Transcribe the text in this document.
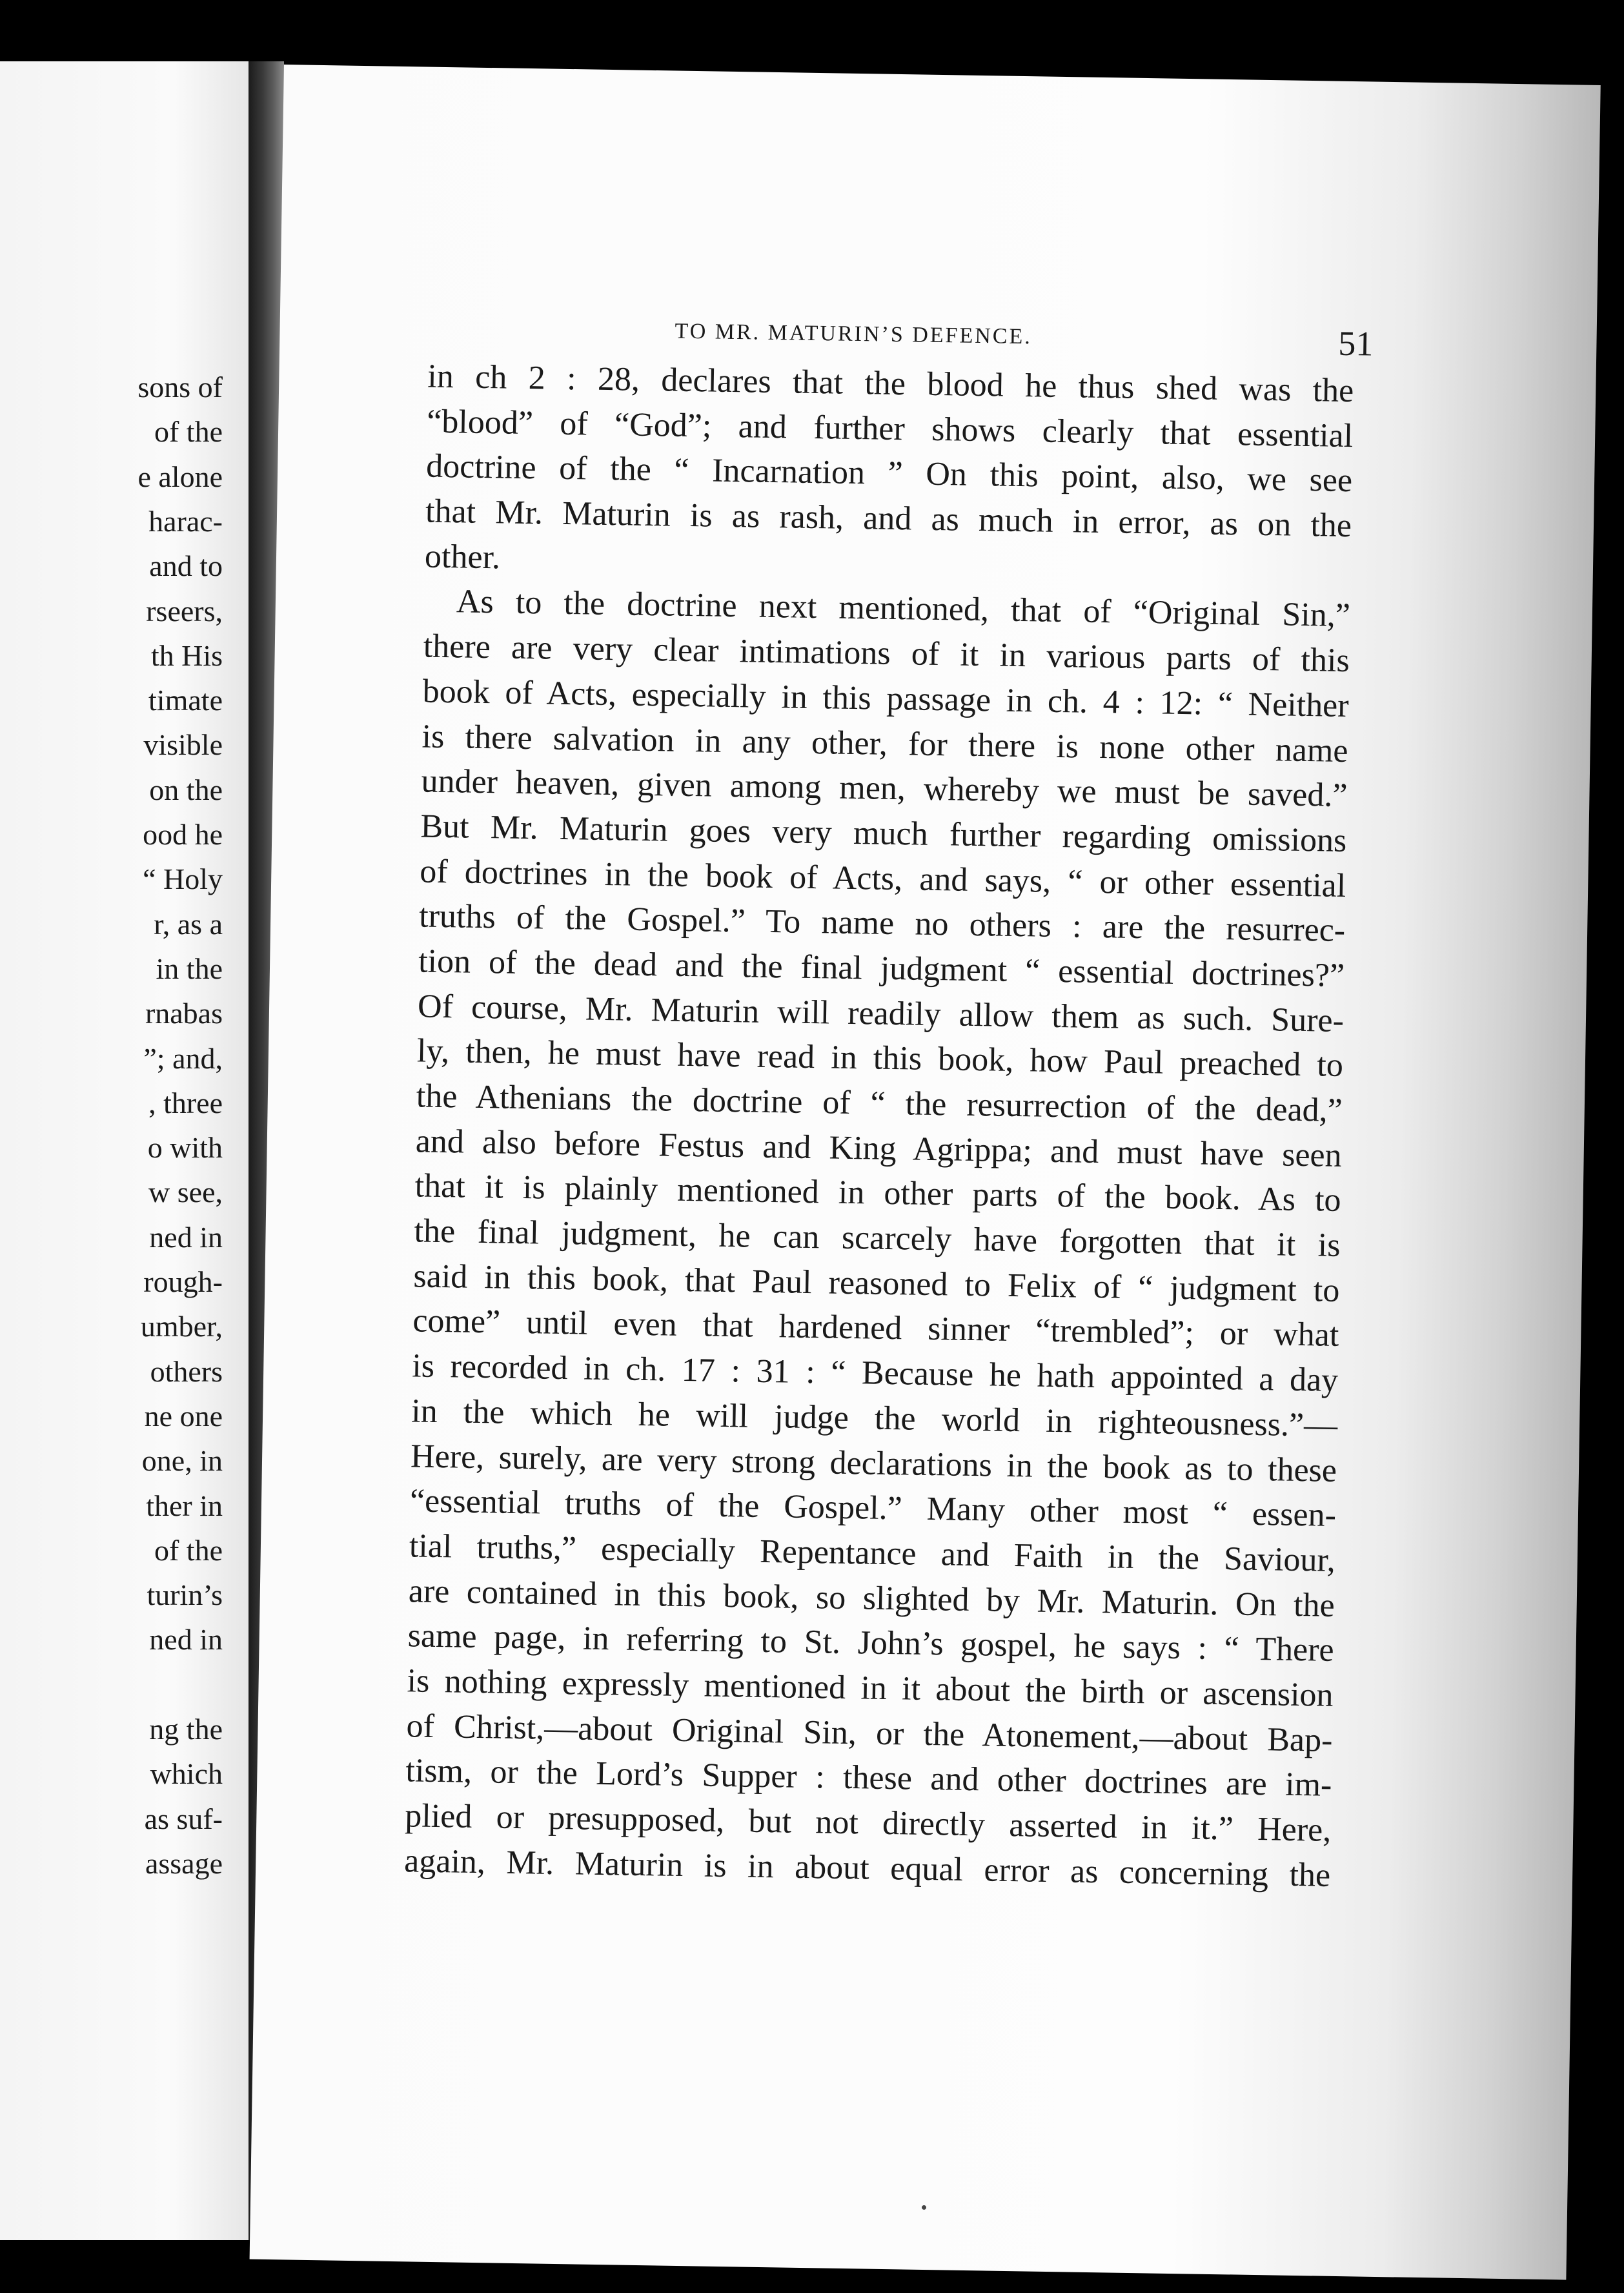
sons of
of the
e alone
harac-
and to
rseers,
th His
timate
visible
on the
ood he
“ Holy
r, as a
in the
rnabas
”; and,
, three
o with
w see,
ned in
rough-
umber,
others
ne one
one, in
ther in
of the
turin’s
ned in
ng the
which
as suf-
assage
TO MR. MATURIN’S DEFENCE.	51
in ch 2 : 28, declares that the blood he thus shed was the
“blood” of “God”; and further shows clearly that essential
doctrine of the “ Incarnation ” On this point, also, we see
that Mr. Maturin is as rash, and as much in error, as on the
other.
As to the doctrine next mentioned, that of “Original Sin,”
there are very clear intimations of it in various parts of this
book of Acts, especially in this passage in ch. 4 : 12: “ Neither
is there salvation in any other, for there is none other name
under heaven, given among men, whereby we must be saved.”
But Mr. Maturin goes very much further regarding omissions
of doctrines in the book of Acts, and says, “ or other essential
truths of the Gospel.” To name no others : are the resurrec-
tion of the dead and the final judgment “ essential doctrines?”
Of course, Mr. Maturin will readily allow them as such. Sure-
ly, then, he must have read in this book, how Paul preached to
the Athenians the doctrine of “ the resurrection of the dead,”
and also before Festus and King Agrippa; and must have seen
that it is plainly mentioned in other parts of the book. As to
the final judgment, he can scarcely have forgotten that it is
said in this book, that Paul reasoned to Felix of “ judgment to
come” until even that hardened sinner “trembled”; or what
is recorded in ch. 17 : 31 : “ Because he hath appointed a day
in the which he will judge the world in righteousness.”—
Here, surely, are very strong declarations in the book as to these
“essential truths of the Gospel.” Many other most “ essen-
tial truths,” especially Repentance and Faith in the Saviour,
are contained in this book, so slighted by Mr. Maturin. On the
same page, in referring to St. John’s gospel, he says : “ There
is nothing expressly mentioned in it about the birth or ascension
of Christ,—about Original Sin, or the Atonement,—about Bap-
tism, or the Lord’s Supper : these and other doctrines are im-
plied or presupposed, but not directly asserted in it.” Here,
again, Mr. Maturin is in about equal error as concerning the
